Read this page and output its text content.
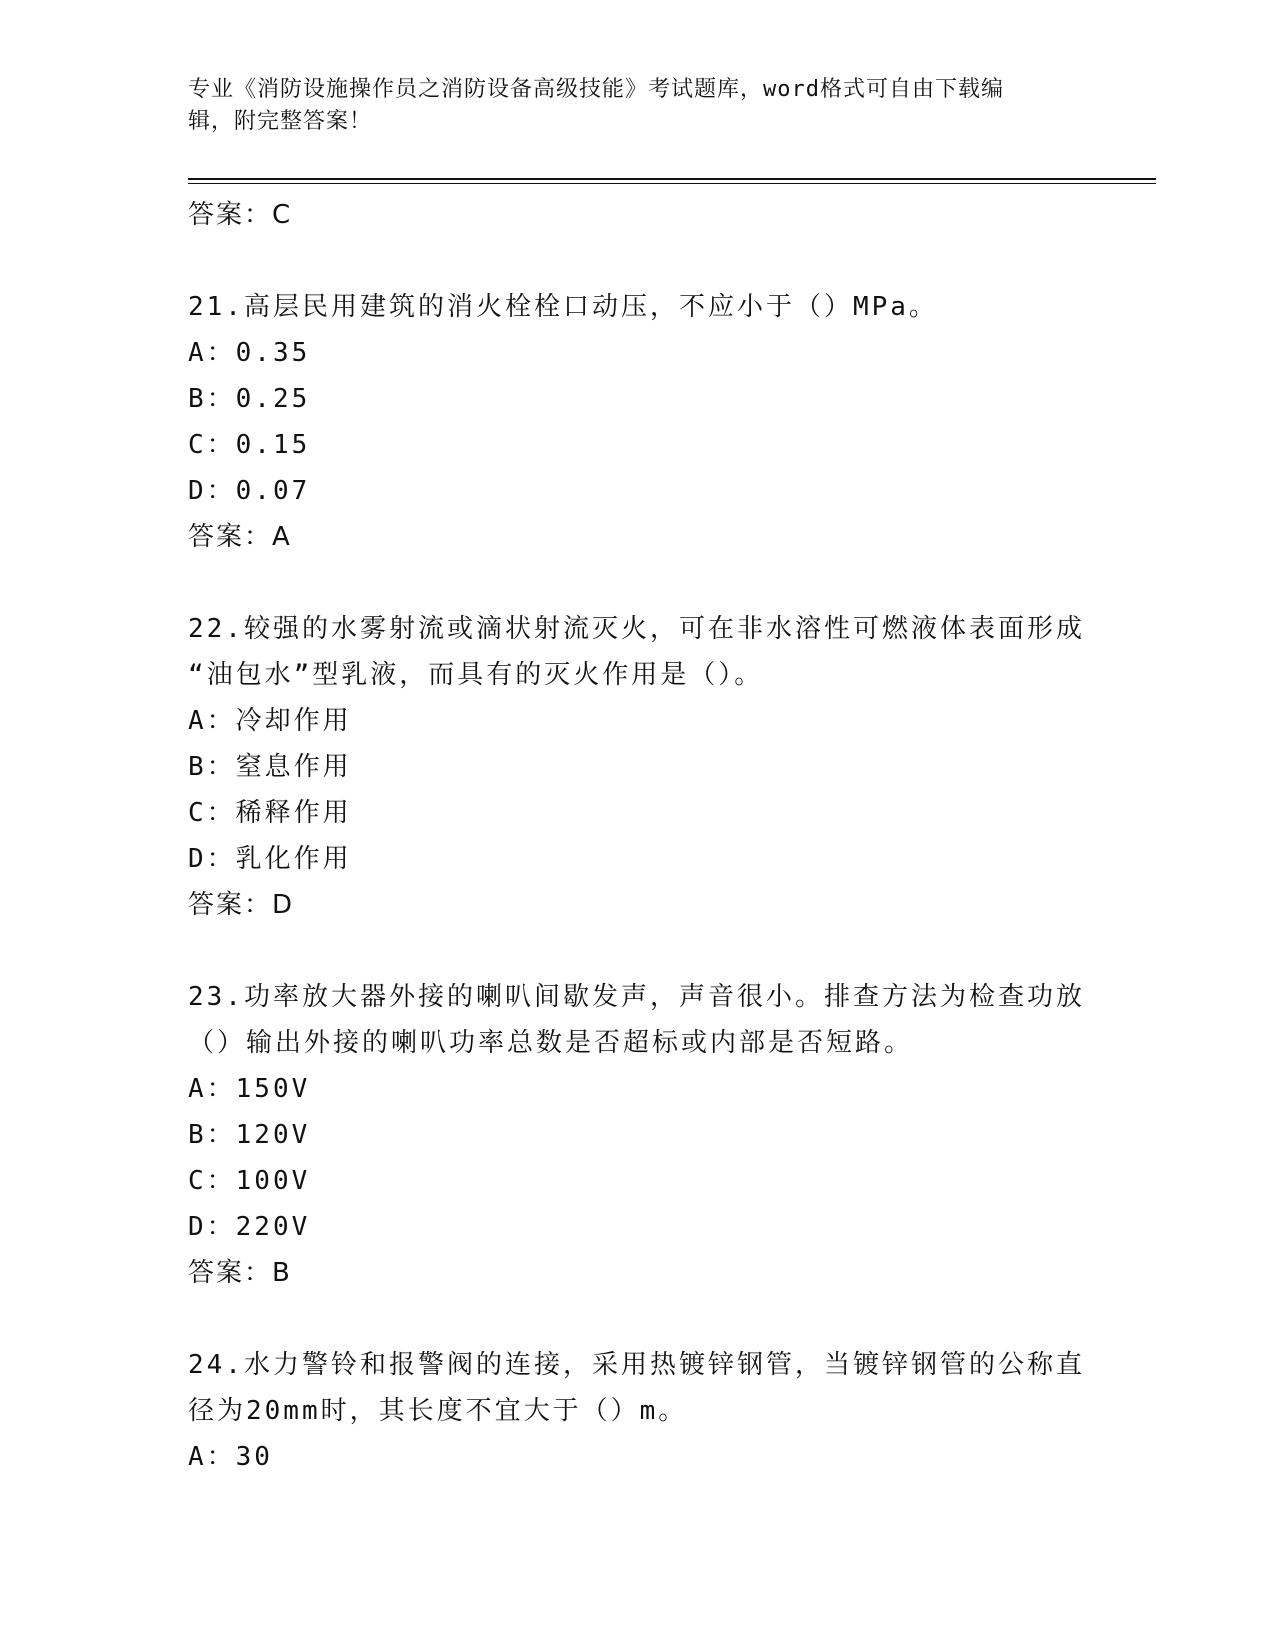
专业《消防设施操作员之消防设备高级技能》考试题库，word格式可自由下载编
辑，附完整答案！
答案：C
21.高层民用建筑的消火栓栓口动压，不应小于（）MPa。
A：0.35
B：0.25
C：0.15
D：0.07
答案：A
22.较强的水雾射流或滴状射流灭火，可在非水溶性可燃液体表面形成
“油包水”型乳液，而具有的灭火作用是（）。
A：冷却作用
B：窒息作用
C：稀释作用
D：乳化作用
答案：D
23.功率放大器外接的喇叭间歇发声，声音很小。排查方法为检查功放
（）输出外接的喇叭功率总数是否超标或内部是否短路。
A：150V
B：120V
C：100V
D：220V
答案：B
24.水力警铃和报警阀的连接，采用热镀锌钢管，当镀锌钢管的公称直
径为20mm时，其长度不宜大于（）m。
A：30
